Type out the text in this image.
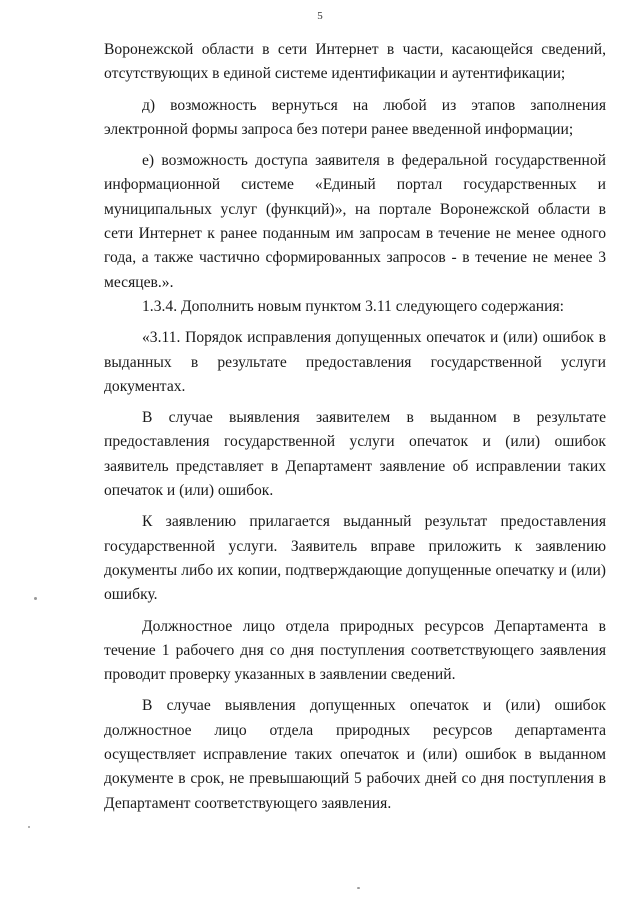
5

Воронежской области в сети Интернет в части, касающейся сведений, отсутствующих в единой системе идентификации и аутентификации;

д) возможность вернуться на любой из этапов заполнения электронной формы запроса без потери ранее введенной информации;

е) возможность доступа заявителя в федеральной государственной информационной системе «Единый портал государственных и муниципальных услуг (функций)», на портале Воронежской области в сети Интернет к ранее поданным им запросам в течение не менее одного года, а также частично сформированных запросов - в течение не менее 3 месяцев.».

1.3.4. Дополнить новым пунктом 3.11 следующего содержания:

«3.11. Порядок исправления допущенных опечаток и (или) ошибок в выданных в результате предоставления государственной услуги документах.

В случае выявления заявителем в выданном в результате предоставления государственной услуги опечаток и (или) ошибок заявитель представляет в Департамент заявление об исправлении таких опечаток и (или) ошибок.

К заявлению прилагается выданный результат предоставления государственной услуги. Заявитель вправе приложить к заявлению документы либо их копии, подтверждающие допущенные опечатку и (или) ошибку.

Должностное лицо отдела природных ресурсов Департамента в течение 1 рабочего дня со дня поступления соответствующего заявления проводит проверку указанных в заявлении сведений.

В случае выявления допущенных опечаток и (или) ошибок должностное лицо отдела природных ресурсов департамента осуществляет исправление таких опечаток и (или) ошибок в выданном документе в срок, не превышающий 5 рабочих дней со дня поступления в Департамент соответствующего заявления.
